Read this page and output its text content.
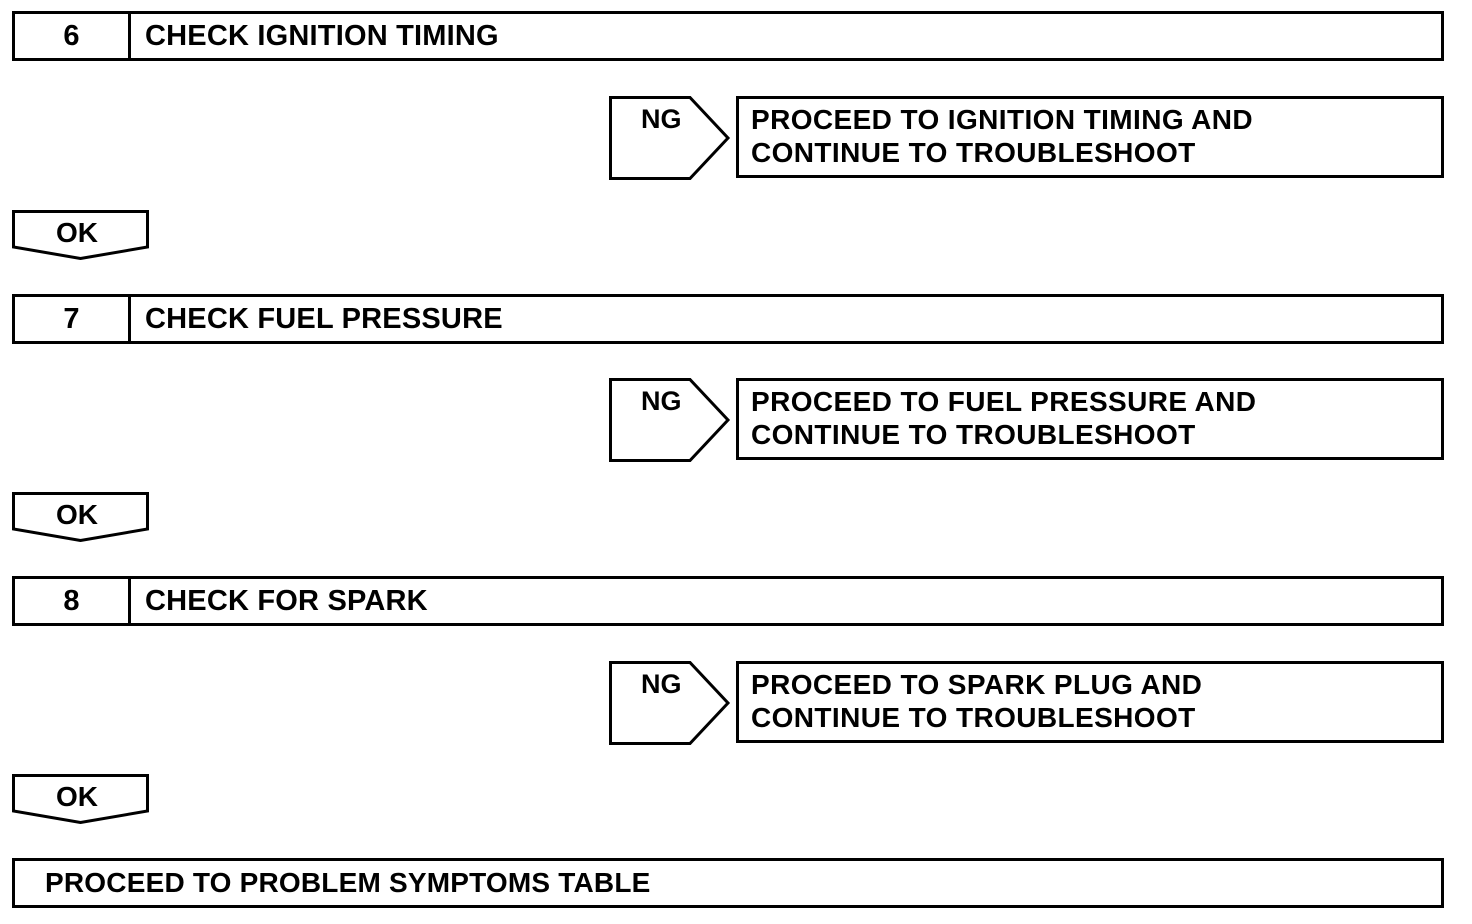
6	CHECK IGNITION TIMING
NG PROCEED TO IGNITION TIMING AND
CONTINUE TO TROUBLESHOOT
OK
7	CHECK FUEL PRESSURE
NG PROCEED TO FUEL PRESSURE AND
CONTINUE TO TROUBLESHOOT
OK
8	CHECK FOR SPARK
NG PROCEED TO SPARK PLUG AND
CONTINUE TO TROUBLESHOOT
OK
PROCEED TO PROBLEM SYMPTOMS TABLE
